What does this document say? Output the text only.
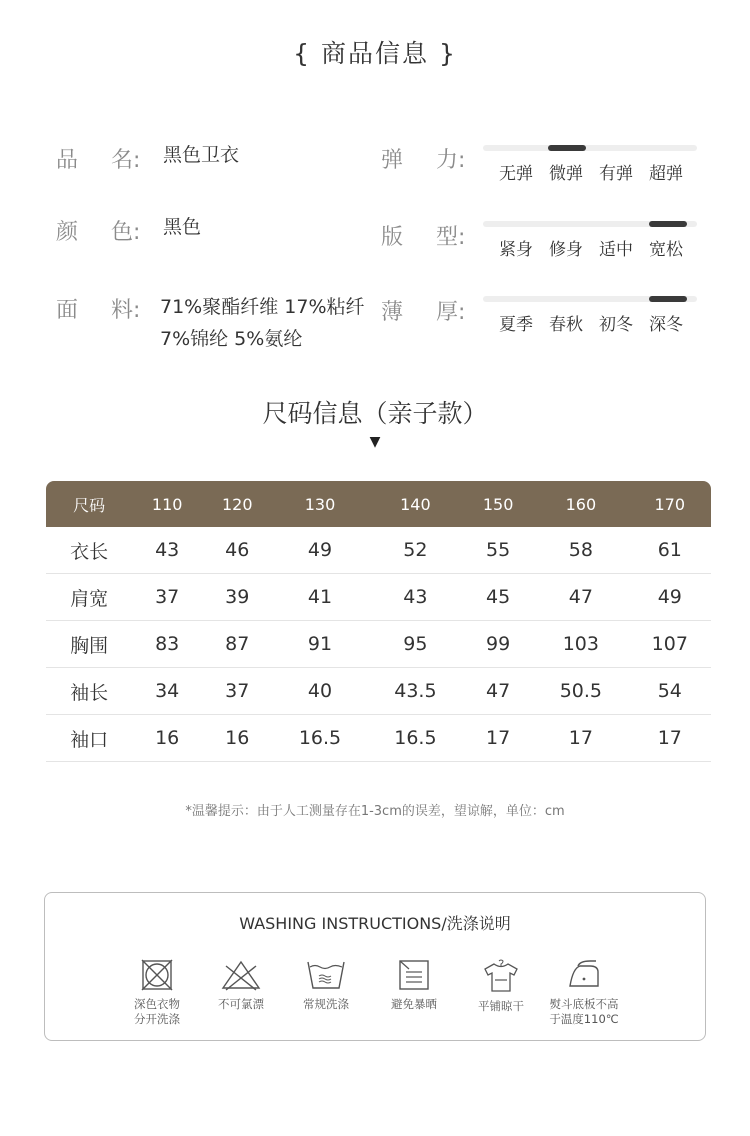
{ 商品信息 }
品 名: 黑色卫衣
颜 色: 黑色
面 料: 71%聚酯纤维 17%粘纤
7%锦纶 5%氨纶
弹 力:
无弹 微弹 有弹 超弹
版 型:	紧身 修身 适中 宽松
薄 厚:	夏季 春秋 初冬 深冬
尺码信息（亲子款）
▼
尺码	110	120	130	140	150	160	170
衣长	43	46	49	52	55	58	61
肩宽	37	39	41	43	45	47	49
胸围	83	87	91	95	99	103	107
袖长	34	37	40	43.5	47	50.5	54
袖口	16	16	16.5	16.5	17	17	17
*温馨提示：由于人工测量存在1-3cm的误差，望谅解，单位：cm
WASHING INSTRUCTIONS/洗涤说明
深色衣物
分开洗涤
不可氯漂	常规洗涤	避免暴晒	平铺晾干	熨斗底板不高
于温度110℃
